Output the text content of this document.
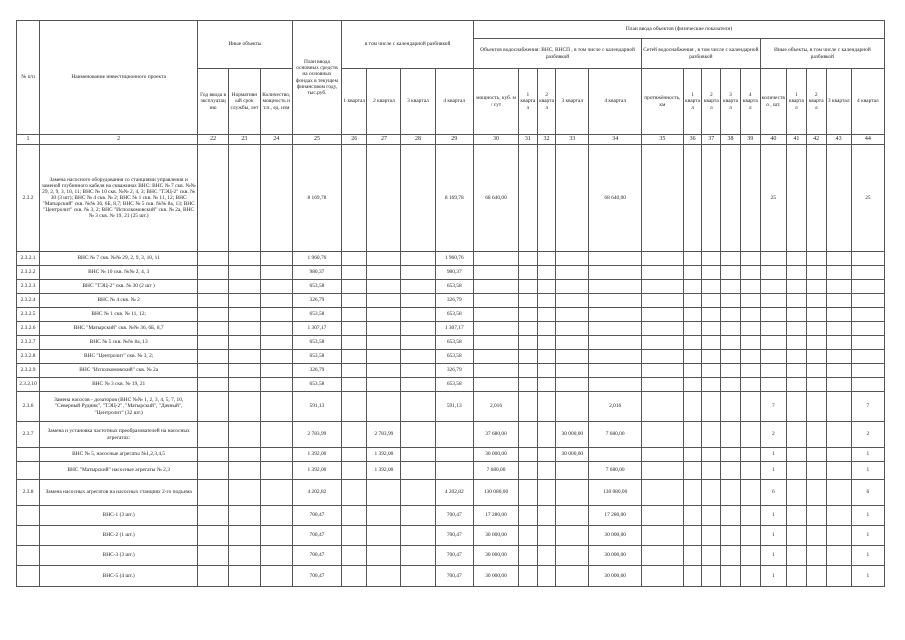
№ п/п	Наименование инвестиционного проекта	Иные объекты			План ввода основных средств на основных фондах в текущем финансовом году, тыс.руб.	в том числе с календарной разбивкой				План ввода объектов (физические показатели)														
										Объектов водоснабжения: ВНС, ВНСП , в том числе с календарной разбивкой					Сетей водоснабжения , в том числе с календарной разбивкой					Иные объекты, в том числе с календарной разбивкой				
		Год ввода в эксплуатацию	Нормативный срок службы, лет	Количество, мощность и т.п., ед. изм		1 квартал	2 квартал	3 квартал	4 квартал	мощность, куб. м / сут	1 квартал	2 квартал	3 квартал	4 квартал	протяжённость, км	1 квартал	2 квартал	3 квартал	4 квартал	количество , шт.	1 квартал	2 квартал	3 квартал	4 квартал
1	2	22	23	24	25	26	27	28	29	30	31	32	33	34	35	36	37	38	39	40	41	42	43	44
2.3.2	Замена насосного оборудования со станциями управления и заменой глубинного кабеля на скважинах ВНС: ВНС № 7 скв. №№ 29, 2, 9, 3, 10, 11; ВНС № 10 скв. №№ 2, 4, 3; ВНС "ТЭЦ-2" скв. № 30 (3 шт); ВНС № 4 скв. № 2; ВНС № 1 скв. № 11, 12; ВНС "Матырский" скв. №№ 36, 6Б, 8,7; ВНС № 5 скв. №№ 8а, 13; ВНС "Центролит" скв. № 3, 2; ВНС "Исполкомовский" скв. № 2а, ВНС № 3 скв. № 19, 21 (25 шт.)				8 169,78				8 169,78	68 640,00				68 640,00						25				25
2.3.2.1	ВНС № 7 скв. №№ 29, 2, 9, 3, 10, 11				1 960,76				1 960,76															
2.3.2.2	ВНС № 10 скв. №№ 2, 4, 3				980,37				980,37															
2.3.2.3	ВНС "ТЭЦ-2" скв. № 30 (2 шт )				653,58				653,58															
2.3.2.4	ВНС № 4 скв. № 2				326,79				326,79															
2.3.2.5	ВНС № 1 скв. № 11, 12;				653,58				653,58															
2.3.2.6	ВНС "Матырский" скв. №№ 36, 6Б, 8,7				1 307,17				1 307,17															
2.3.2.7	ВНС № 5 скв. №№ 8а, 13				653,58				653,58															
2.3.2.8	ВНС "Центролит" скв. № 3, 2;				653,58				653,58															
2.3.2.9	ВНС "Исполкомовский" скв. № 2а				326,79				326,79															
2.3.2.10	ВНС № 3 скв. № 19, 21				653,58				653,58															
2.3.6	Замена насосов - дозаторов (ВНС №№ 1, 2, 3, 4, 5, 7, 10, "Северный Рудник", "ТЭЦ-2", "Матырский", "Дачный", "Центролит" (32 шт.)				591,13				591,13	2,016				2,016						7				7
2.3.7	Замена и установка частотных преобразователей на насосных агрегатах:				2 783,99		2 783,99			37 680,00			30 000,00	7 680,00						2				2
	ВНС № 5, насосные агрегаты №1,2,3,4,5				1 392,00		1 392,00			30 000,00			30 000,00							1				1
	ВНС "Матырский" насосные агрегаты № 2,3				1 392,00		1 392,00			7 680,00				7 680,00						1				1
2.3.8	Замена насосных агрегатов на насосных станциях 2-го подъема				4 202,82				4 202,82	130 080,00				130 080,00						6				6
	ВНС-1 (3 шт.)				700,47				700,47	17 280,00				17 280,00						1				1
	ВНС-2 (1 шт.)				700,47				700,47	30 000,00				30 000,00						1				1
	ВНС-3 (3 шт.)				700,47				700,47	30 000,00				30 000,00						1				1
	ВНС-5 (4 шт.)				700,47				700,47	30 000,00				30 000,00						1				1
